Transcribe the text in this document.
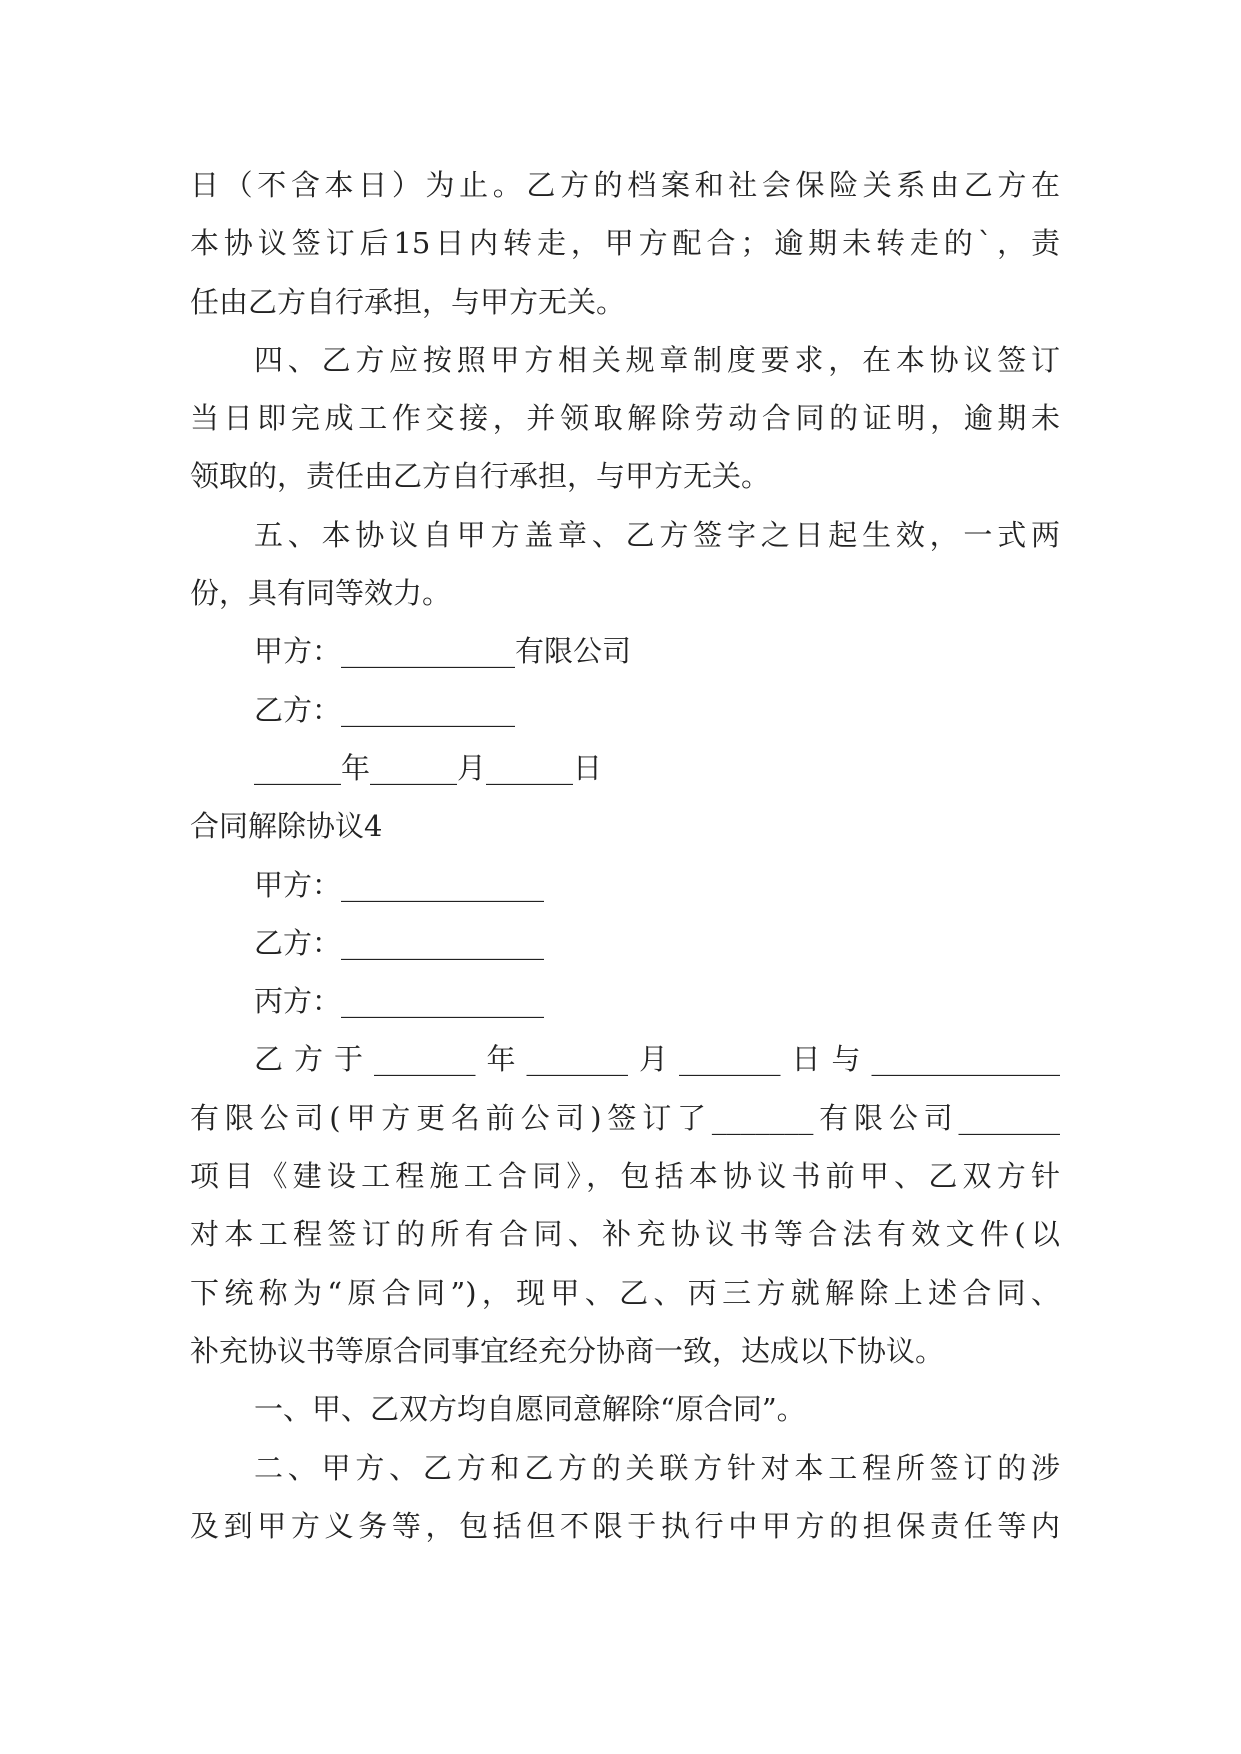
日（不含本日）为止。乙方的档案和社会保险关系由乙方在
本协议签订后15日内转走，甲方配合；逾期未转走的`，责
任由乙方自行承担，与甲方无关。
四、乙方应按照甲方相关规章制度要求，在本协议签订
当日即完成工作交接，并领取解除劳动合同的证明，逾期未
领取的，责任由乙方自行承担，与甲方无关。
五、本协议自甲方盖章、乙方签字之日起生效，一式两
份，具有同等效力。
甲方：____________有限公司
乙方：____________
______年______月______日
合同解除协议4
甲方：______________
乙方：______________
丙方：______________
乙方于_______年_______月_______日与_____________
有限公司(甲方更名前公司)签订了_______有限公司_______
项目《建设工程施工合同》，包括本协议书前甲、乙双方针
对本工程签订的所有合同、补充协议书等合法有效文件(以
下统称为“原合同”)，现甲、乙、丙三方就解除上述合同、
补充协议书等原合同事宜经充分协商一致，达成以下协议。
一、甲、乙双方均自愿同意解除“原合同”。
二、甲方、乙方和乙方的关联方针对本工程所签订的涉
及到甲方义务等，包括但不限于执行中甲方的担保责任等内
